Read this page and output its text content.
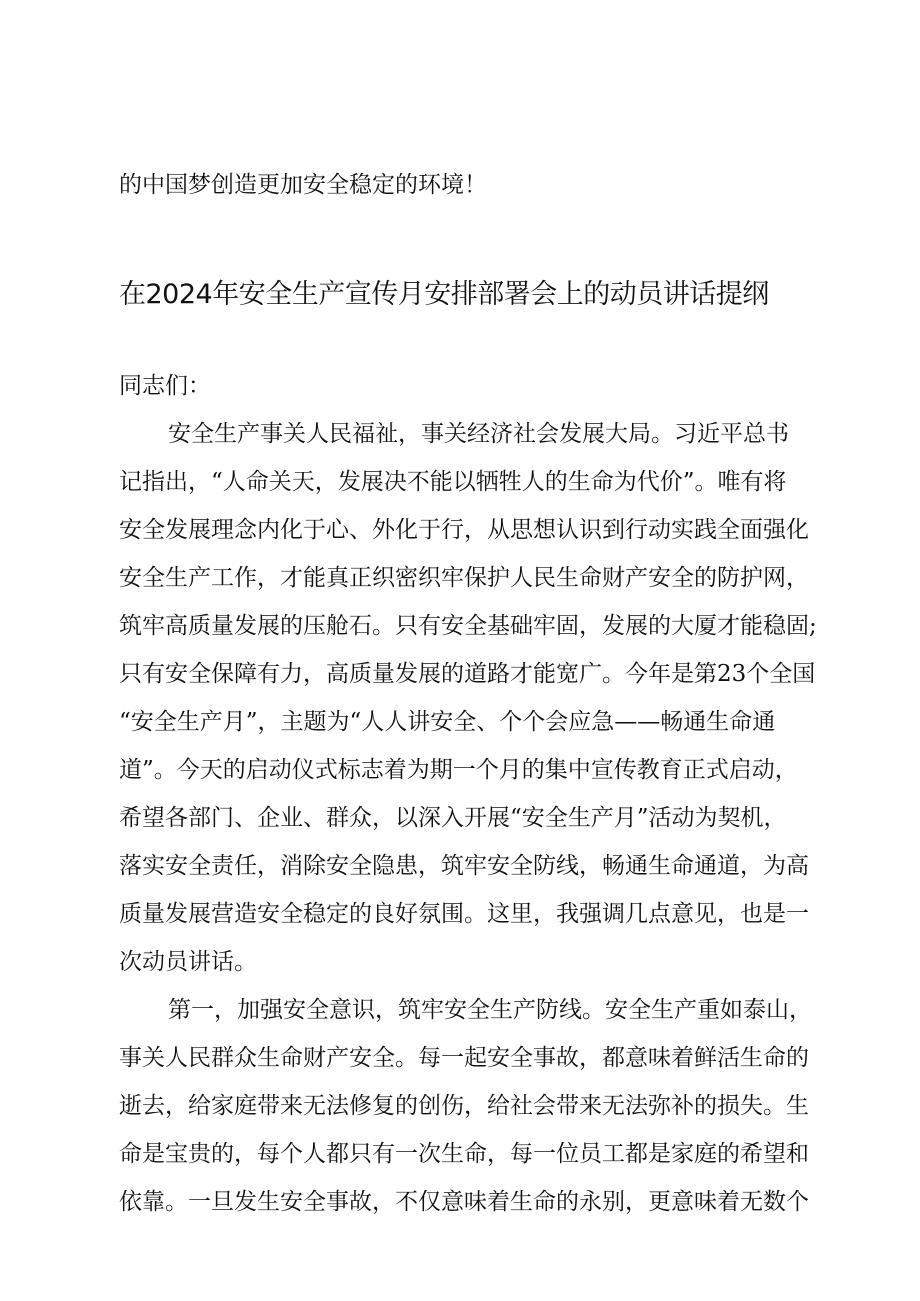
的中国梦创造更加安全稳定的环境！
在2024年安全生产宣传月安排部署会上的动员讲话提纲
同志们：
安全生产事关人民福祉，事关经济社会发展大局。习近平总书
记指出，“人命关天，发展决不能以牺牲人的生命为代价”。唯有将
安全发展理念内化于心、外化于行，从思想认识到行动实践全面强化
安全生产工作，才能真正织密织牢保护人民生命财产安全的防护网，
筑牢高质量发展的压舱石。只有安全基础牢固，发展的大厦才能稳固;
只有安全保障有力，高质量发展的道路才能宽广。今年是第23个全国
“安全生产月”，主题为“人人讲安全、个个会应急——畅通生命通
道”。今天的启动仪式标志着为期一个月的集中宣传教育正式启动，
希望各部门、企业、群众，以深入开展“安全生产月”活动为契机，
落实安全责任，消除安全隐患，筑牢安全防线，畅通生命通道，为高
质量发展营造安全稳定的良好氛围。这里，我强调几点意见，也是一
次动员讲话。
第一，加强安全意识，筑牢安全生产防线。安全生产重如泰山，
事关人民群众生命财产安全。每一起安全事故，都意味着鲜活生命的
逝去，给家庭带来无法修复的创伤，给社会带来无法弥补的损失。生
命是宝贵的，每个人都只有一次生命，每一位员工都是家庭的希望和
依靠。一旦发生安全事故，不仅意味着生命的永别，更意味着无数个
